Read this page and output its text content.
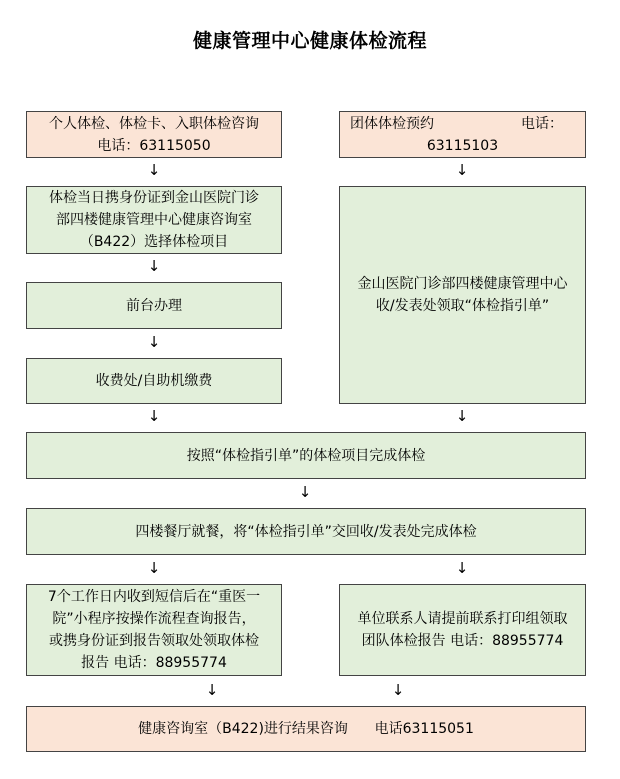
健康管理中心健康体检流程
个人体检、体检卡、入职体检咨询
电话：63115050
团体体检预约	电话：
63115103
↓	↓
体检当日携身份证到金山医院门诊
部四楼健康管理中心健康咨询室
（B422）选择体检项目
↓
前台办理
↓
收费处/自助机缴费
金山医院门诊部四楼健康管理中心
收/发表处领取“体检指引单”
↓	↓
按照“体检指引单”的体检项目完成体检
↓
四楼餐厅就餐，将“体检指引单”交回收/发表处完成体检
↓	↓
7个工作日内收到短信后在“重医一
院”小程序按操作流程查询报告，
或携身份证到报告领取处领取体检
报告 电话：88955774
单位联系人请提前联系打印组领取
团队体检报告 电话：88955774
↓	↓
健康咨询室（B422)进行结果咨询      电话63115051
